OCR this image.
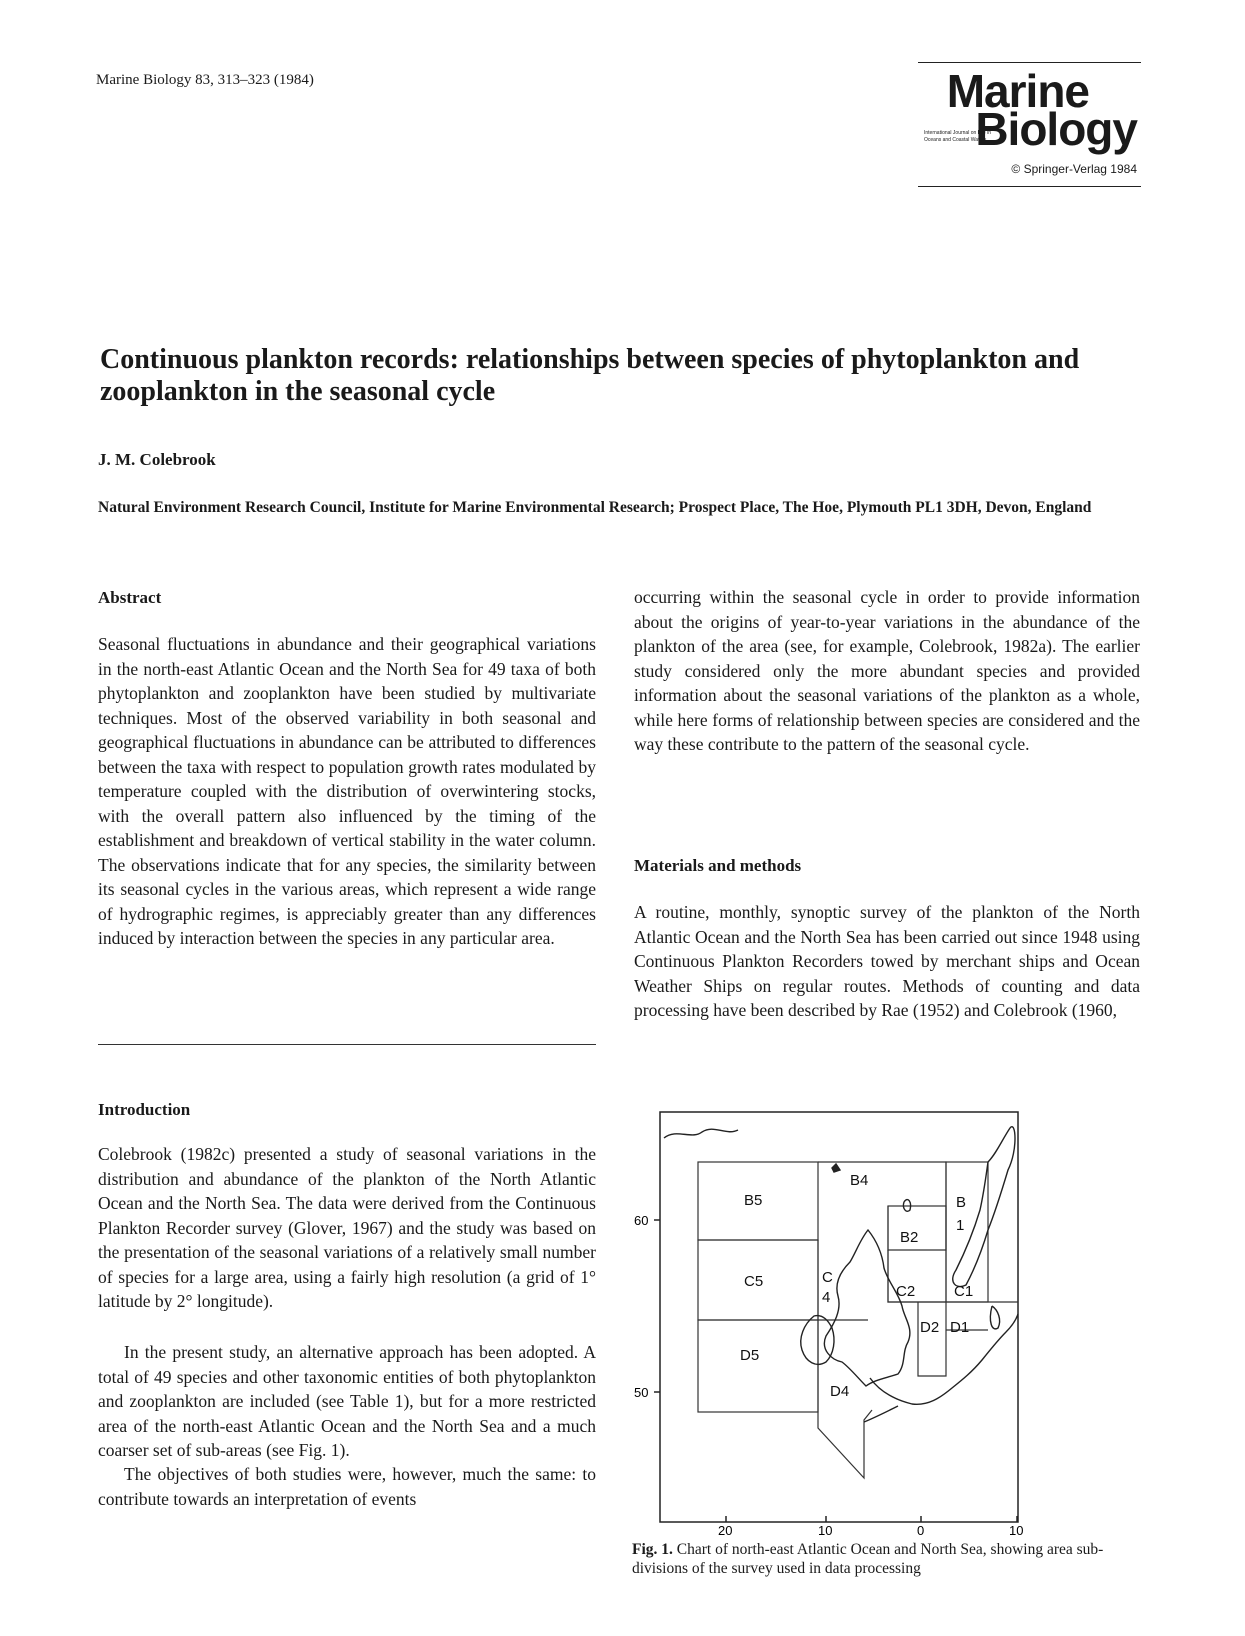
Marine Biology 83, 313–323 (1984)	Marine
International Journal on Life in Oceans and Coastal Waters
Biology
© Springer-Verlag 1984
Continuous plankton records: relationships between species of phytoplankton and zooplankton in the seasonal cycle
J. M. Colebrook
Natural Environment Research Council, Institute for Marine Environmental Research; Prospect Place, The Hoe, Plymouth PL1 3DH, Devon, England
Abstract
Seasonal fluctuations in abundance and their geographical variations in the north-east Atlantic Ocean and the North Sea for 49 taxa of both phytoplankton and zooplankton have been studied by multivariate techniques. Most of the observed variability in both seasonal and geographical fluctuations in abundance can be attributed to differences between the taxa with respect to population growth rates modulated by temperature coupled with the distribution of overwintering stocks, with the overall pattern also influenced by the timing of the establishment and breakdown of vertical stability in the water column. The observations indicate that for any species, the similarity between its seasonal cycles in the various areas, which represent a wide range of hydrographic regimes, is appreciably greater than any differences induced by interaction between the species in any particular area.
Introduction
Colebrook (1982c) presented a study of seasonal variations in the distribution and abundance of the plankton of the North Atlantic Ocean and the North Sea. The data were derived from the Continuous Plankton Recorder survey (Glover, 1967) and the study was based on the presentation of the seasonal variations of a relatively small number of species for a large area, using a fairly high resolution (a grid of 1° latitude by 2° longitude).
In the present study, an alternative approach has been adopted. A total of 49 species and other taxonomic entities of both phytoplankton and zooplankton are included (see Table 1), but for a more restricted area of the north-east Atlantic Ocean and the North Sea and a much coarser set of sub-areas (see Fig. 1).
The objectives of both studies were, however, much the same: to contribute towards an interpretation of events
occurring within the seasonal cycle in order to provide information about the origins of year-to-year variations in the abundance of the plankton of the area (see, for example, Colebrook, 1982a). The earlier study considered only the more abundant species and provided information about the seasonal variations of the plankton as a whole, while here forms of relationship between species are considered and the way these contribute to the pattern of the seasonal cycle.
Materials and methods
A routine, monthly, synoptic survey of the plankton of the North Atlantic Ocean and the North Sea has been carried out since 1948 using Continuous Plankton Recorders towed by merchant ships and Ocean Weather Ships on regular routes. Methods of counting and data processing have been described by Rae (1952) and Colebrook (1960,
60
50
20	10	0	10
B5
B4
B
1
B2
C5	C
4	C2	C1
D2 D1
D5
D4
Fig. 1. Chart of north-east Atlantic Ocean and North Sea, showing area sub-divisions of the survey used in data processing
